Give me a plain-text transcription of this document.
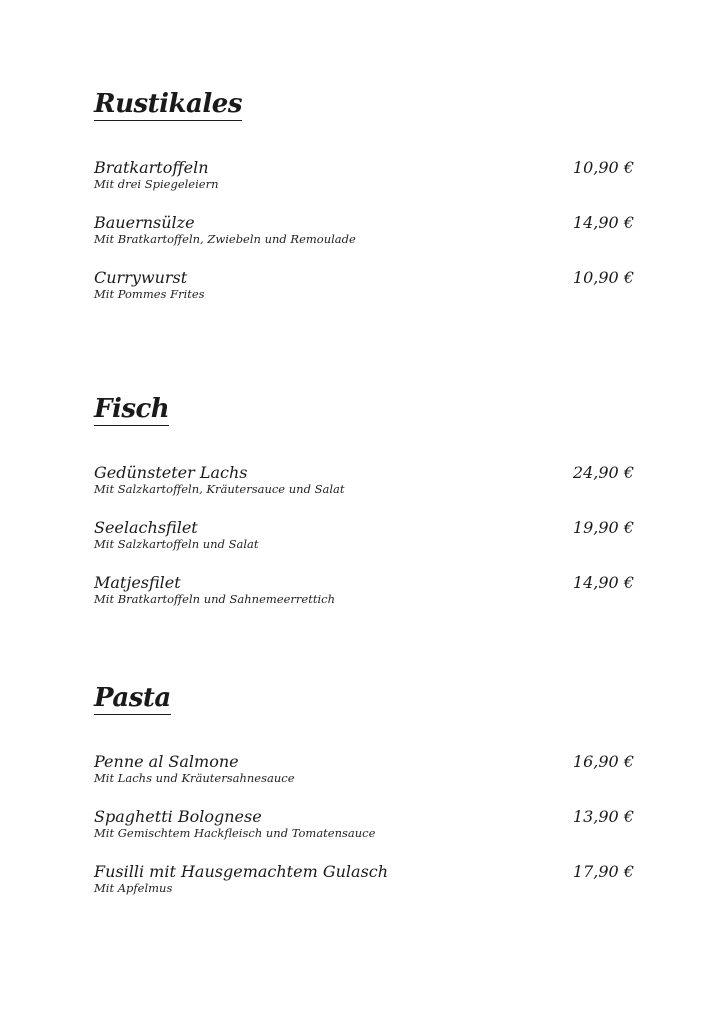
Rustikales
Bratkartoffeln
Mit drei Spiegeleiern
10,90 €
Bauernsülze
Mit Bratkartoffeln, Zwiebeln und Remoulade
14,90 €
Currywurst
Mit Pommes Frites
10,90 €
Fisch
Gedünsteter Lachs
Mit Salzkartoffeln, Kräutersauce und Salat
24,90 €
Seelachsfilet
Mit Salzkartoffeln und Salat
19,90 €
Matjesfilet
Mit Bratkartoffeln und Sahnemeerrettich
14,90 €
Pasta
Penne al Salmone
Mit Lachs und Kräutersahnesauce
16,90 €
Spaghetti Bolognese
Mit Gemischtem Hackfleisch und Tomatensauce
13,90 €
Fusilli mit Hausgemachtem Gulasch
Mit Apfelmus
17,90 €
